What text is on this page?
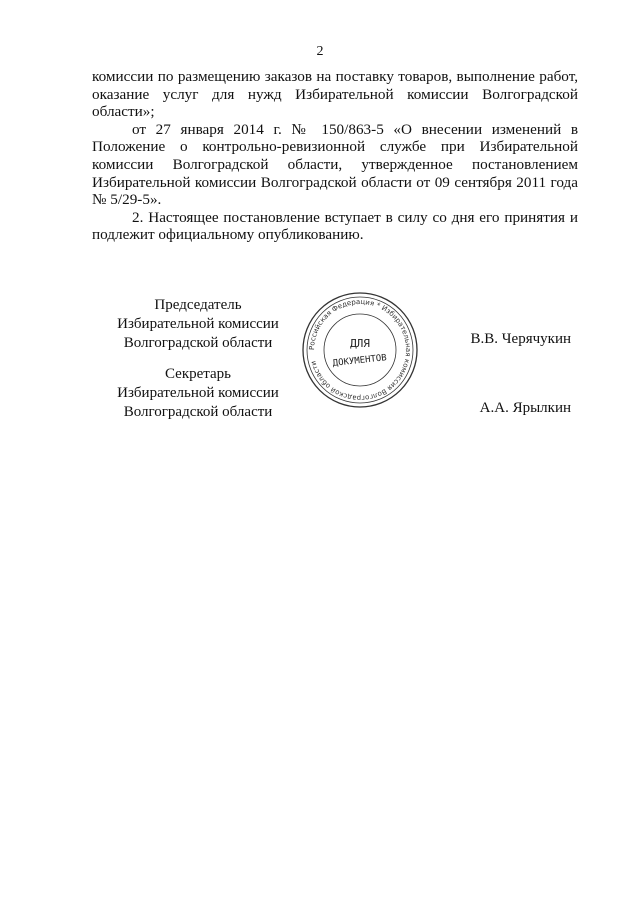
2

комиссии по размещению заказов на поставку товаров, выполнение работ, оказание услуг для нужд Избирательной комиссии Волгоградской области»;

от 27 января 2014 г. № 150/863-5 «О внесении изменений в Положение о контрольно-ревизионной службе при Избирательной комиссии Волгоградской области, утвержденное постановлением Избирательной комиссии Волгоградской области от 09 сентября 2011 года № 5/29-5».

2. Настоящее постановление вступает в силу со дня его принятия и подлежит официальному опубликованию.

Председатель
Избирательной комиссии
Волгоградской области	В.В. Черячукин
Секретарь
Избирательной комиссии
Волгоградской области	А.А. Ярылкин
Российская Федерация * Избирательная комиссия Волгоградской области
ДЛЯ
ДОКУМЕНТОВ
